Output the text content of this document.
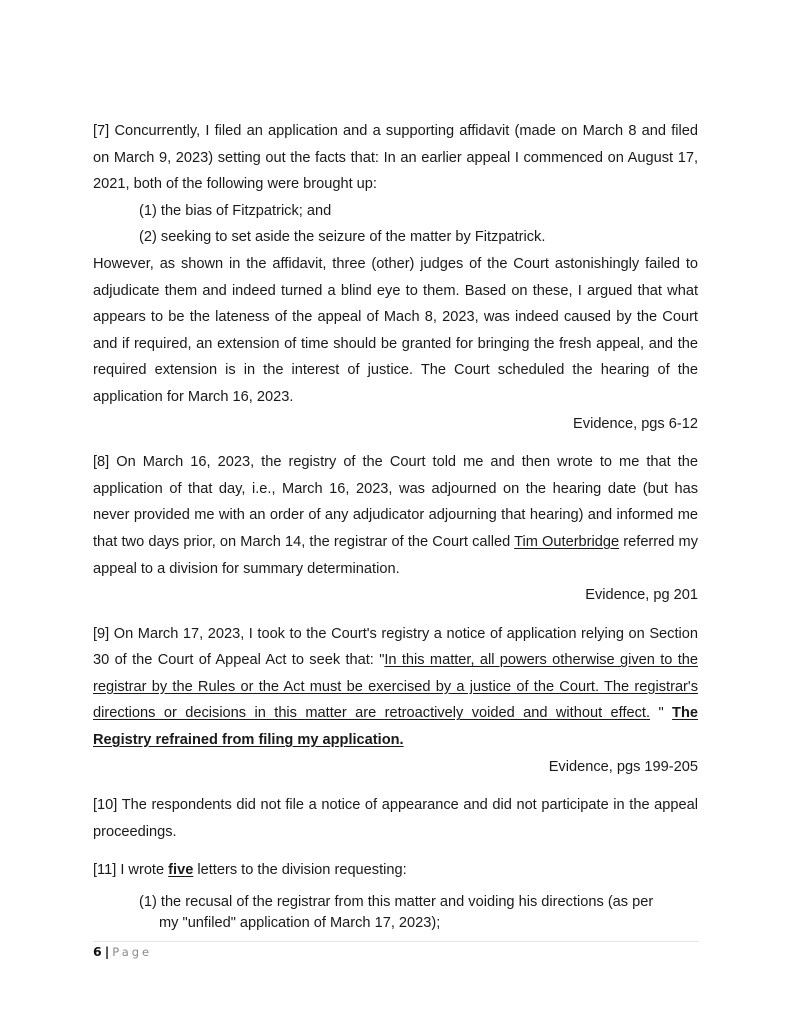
[7] Concurrently, I filed an application and a supporting affidavit (made on March 8 and filed on March 9, 2023) setting out the facts that: In an earlier appeal I commenced on August 17, 2021, both of the following were brought up:

(1) the bias of Fitzpatrick; and

(2) seeking to set aside the seizure of the matter by Fitzpatrick.

However, as shown in the affidavit, three (other) judges of the Court astonishingly failed to adjudicate them and indeed turned a blind eye to them. Based on these, I argued that what appears to be the lateness of the appeal of Mach 8, 2023, was indeed caused by the Court and if required, an extension of time should be granted for bringing the fresh appeal, and the required extension is in the interest of justice. The Court scheduled the hearing of the application for March 16, 2023.

Evidence, pgs 6-12

[8] On March 16, 2023, the registry of the Court told me and then wrote to me that the application of that day, i.e., March 16, 2023, was adjourned on the hearing date (but has never provided me with an order of any adjudicator adjourning that hearing) and informed me that two days prior, on March 14, the registrar of the Court called Tim Outerbridge referred my appeal to a division for summary determination.

Evidence, pg 201

[9] On March 17, 2023, I took to the Court's registry a notice of application relying on Section 30 of the Court of Appeal Act to seek that: "In this matter, all powers otherwise given to the registrar by the Rules or the Act must be exercised by a justice of the Court. The registrar's directions or decisions in this matter are retroactively voided and without effect. " The Registry refrained from filing my application.

Evidence, pgs 199-205

[10] The respondents did not file a notice of appearance and did not participate in the appeal proceedings.

[11] I wrote five letters to the division requesting:

(1) the recusal of the registrar from this matter and voiding his directions (as per
my "unfiled" application of March 17, 2023);
6 | Page
